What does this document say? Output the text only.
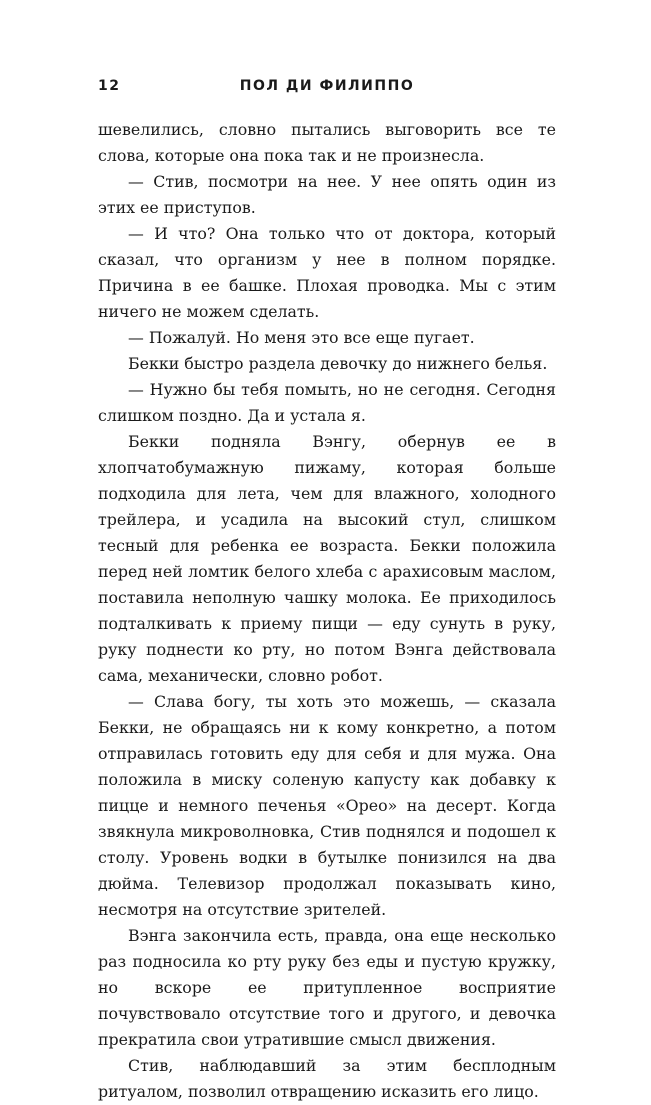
12	ПОЛ ДИ ФИЛИППО

шевелились, словно пытались выговорить все те слова, которые она пока так и не произнесла.

— Стив, посмотри на нее. У нее опять один из этих ее приступов.

— И что? Она только что от доктора, который сказал, что организм у нее в полном порядке. Причина в ее башке. Плохая проводка. Мы с этим ничего не можем сделать.

— Пожалуй. Но меня это все еще пугает.

Бекки быстро раздела девочку до нижнего белья.

— Нужно бы тебя помыть, но не сегодня. Сегодня слишком поздно. Да и устала я.

Бекки подняла Вэнгу, обернув ее в хлопчатобумажную пижаму, которая больше подходила для лета, чем для влажного, холодного трейлера, и усадила на высокий стул, слишком тесный для ребенка ее возраста. Бекки положила перед ней ломтик белого хлеба с арахисовым маслом, поставила неполную чашку молока. Ее приходилось подталкивать к приему пищи — еду сунуть в руку, руку поднести ко рту, но потом Вэнга действовала сама, механически, словно робот.

— Слава богу, ты хоть это можешь, — сказала Бекки, не обращаясь ни к кому конкретно, а потом отправилась готовить еду для себя и для мужа. Она положила в миску соленую капусту как добавку к пицце и немного печенья «Орео» на десерт. Когда звякнула микроволновка, Стив поднялся и подошел к столу. Уровень водки в бутылке понизился на два дюйма. Телевизор продолжал показывать кино, несмотря на отсутствие зрителей.

Вэнга закончила есть, правда, она еще несколько раз подносила ко рту руку без еды и пустую кружку, но вскоре ее притупленное восприятие почувствовало отсутствие того и другого, и девочка прекратила свои утратившие смысл движения.

Стив, наблюдавший за этим бесплодным ритуалом, позволил отвращению исказить его лицо.
